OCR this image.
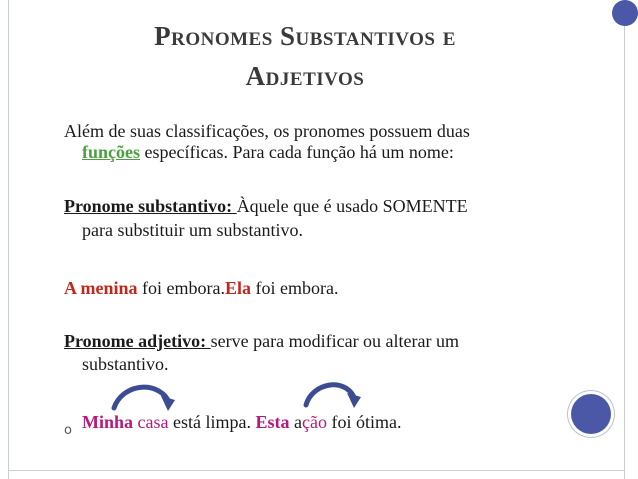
Pronomes Substantivos e
Adjetivos
Além de suas classificações, os pronomes possuem duas
funções específicas. Para cada função há um nome:
Pronome substantivo: Àquele que é usado SOMENTE
para substituir um substantivo.
A menina foi embora.Ela foi embora.
Pronome adjetivo: serve para modificar ou alterar um
substantivo.
o Minha casa está limpa. Esta ação foi ótima.
